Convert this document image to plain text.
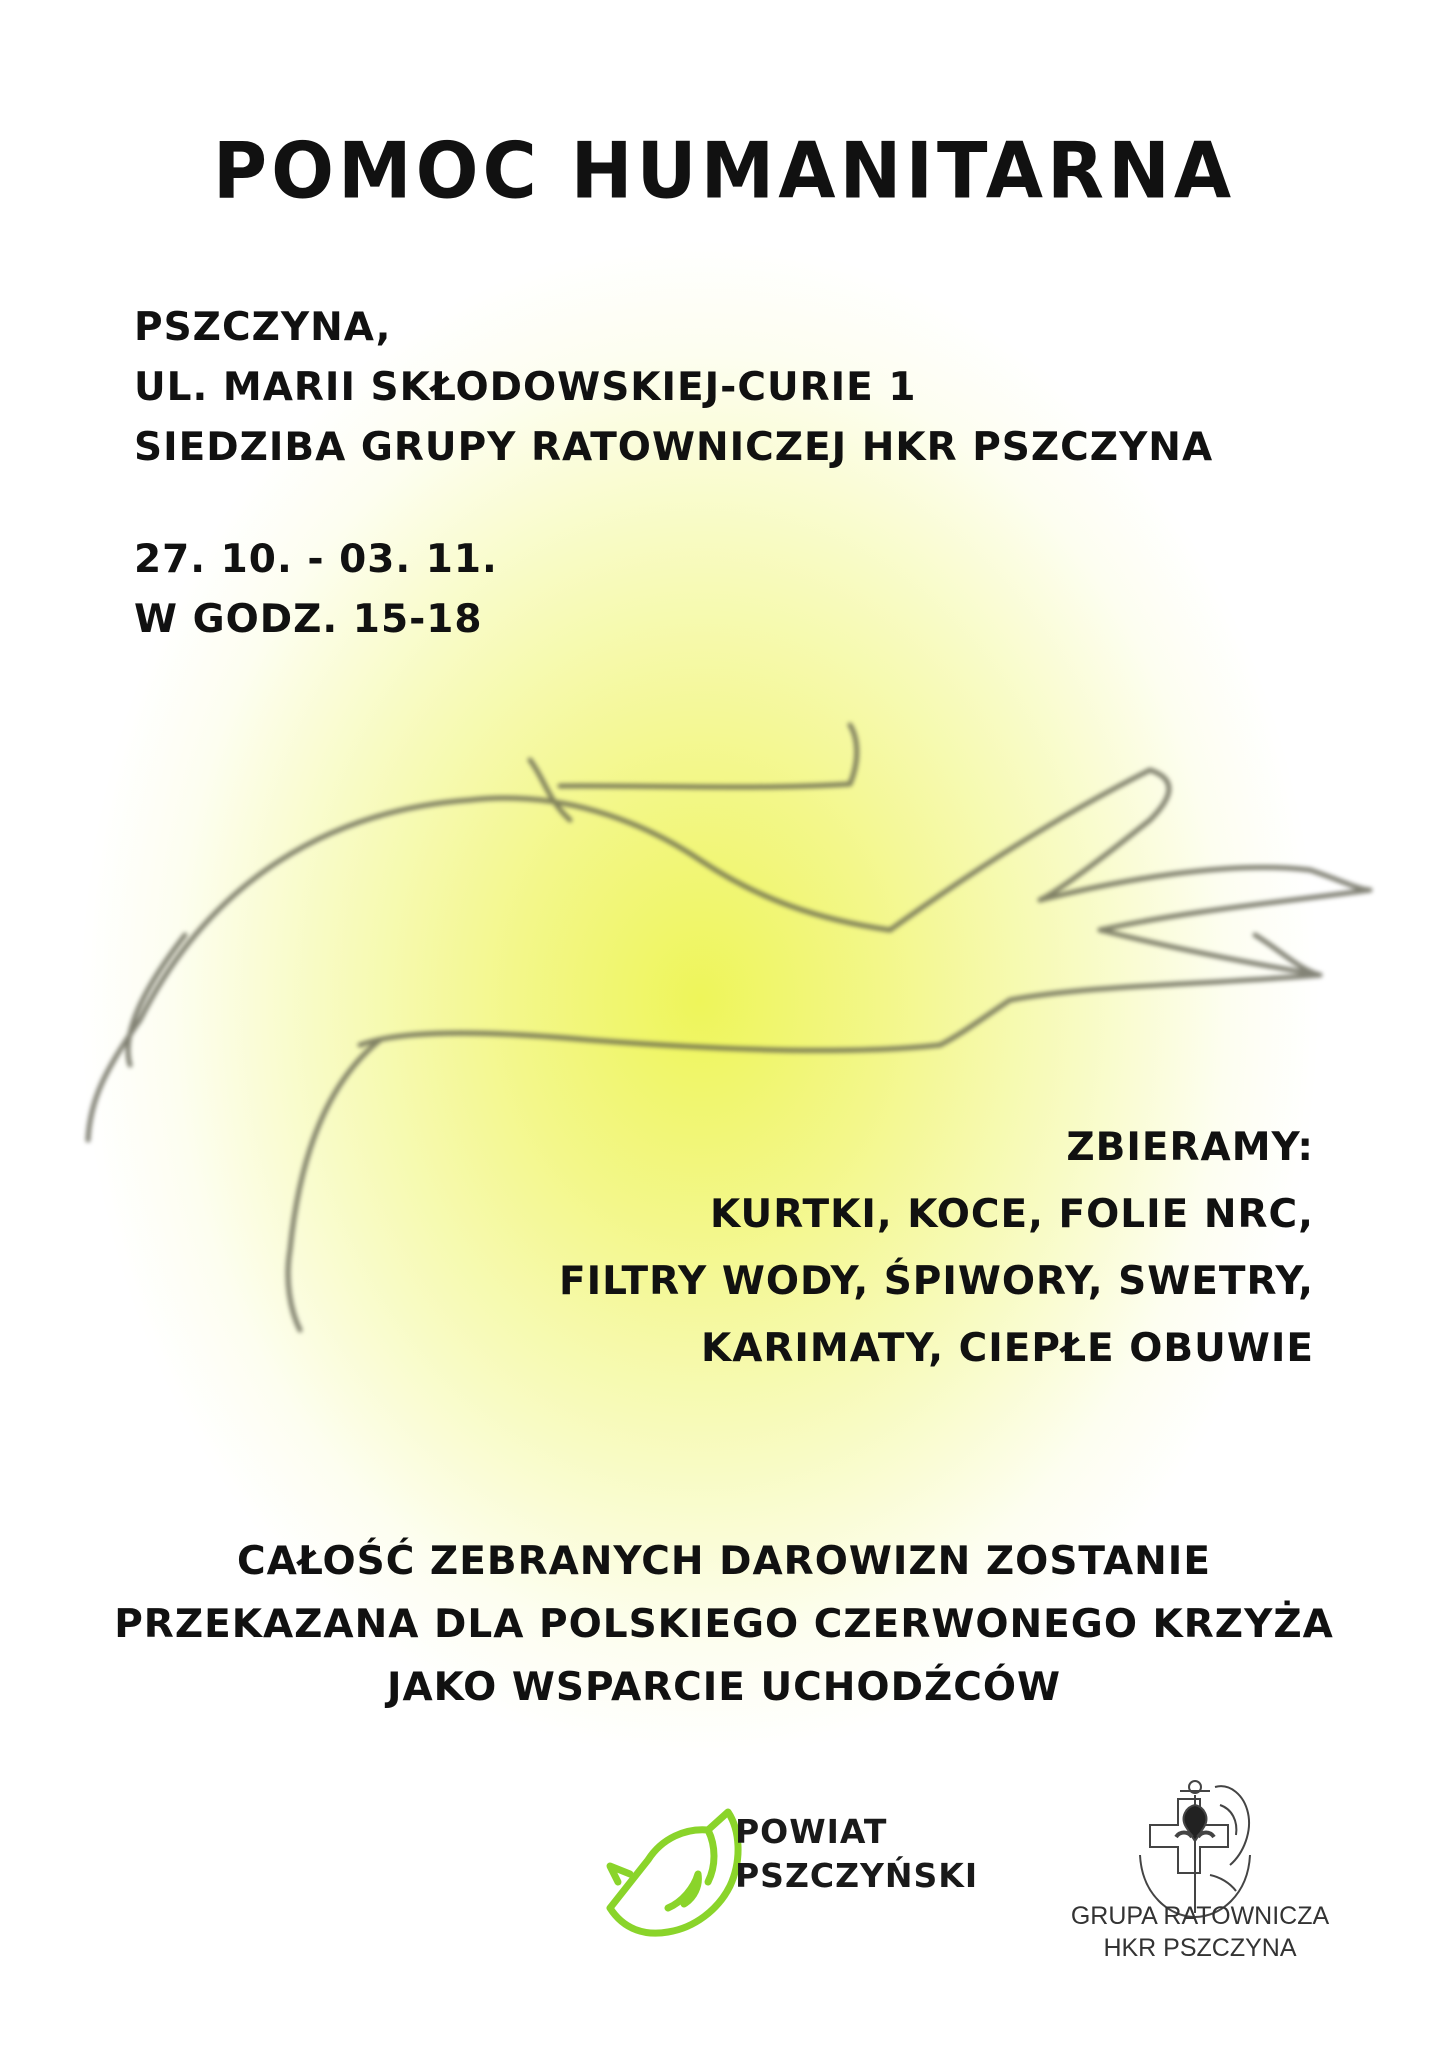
POMOC HUMANITARNA
PSZCZYNA,
UL. MARII SKŁODOWSKIEJ-CURIE 1
SIEDZIBA GRUPY RATOWNICZEJ HKR PSZCZYNA
27. 10. - 03. 11.
W GODZ. 15-18
ZBIERAMY:
KURTKI, KOCE, FOLIE NRC,
FILTRY WODY, ŚPIWORY, SWETRY,
KARIMATY, CIEPŁE OBUWIE
CAŁOŚĆ ZEBRANYCH DAROWIZN ZOSTANIE
PRZEKAZANA DLA POLSKIEGO CZERWONEGO KRZYŻA
JAKO WSPARCIE UCHODŹCÓW
POWIAT
PSZCZYŃSKI
GRUPA RATOWNICZA
HKR PSZCZYNA
